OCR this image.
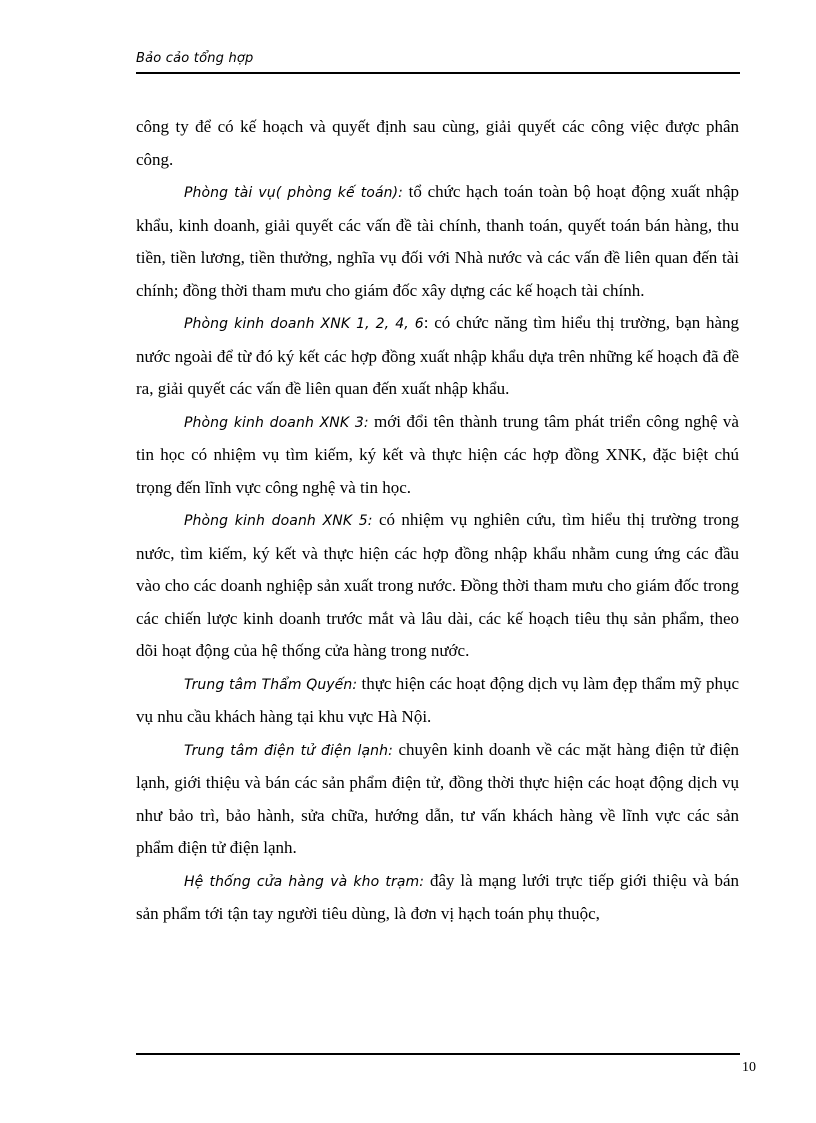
Bảo cảo tổng hợp

công ty để có kế hoạch và quyết định sau cùng, giải quyết các công việc được phân công.

Phòng tài vụ( phòng kế toán): tổ chức hạch toán toàn bộ hoạt động xuất nhập khẩu, kinh doanh, giải quyết các vấn đề tài chính, thanh toán, quyết toán bán hàng, thu tiền, tiền lương, tiền thưởng, nghĩa vụ đối với Nhà nước và các vấn đề liên quan đến tài chính; đồng thời tham mưu cho giám đốc xây dựng các kế hoạch tài chính.

Phòng kinh doanh XNK 1, 2, 4, 6: có chức năng tìm hiểu thị trường, bạn hàng nước ngoài để từ đó ký kết các hợp đồng xuất nhập khẩu dựa trên những kế hoạch đã đề ra, giải quyết các vấn đề liên quan đến xuất nhập khẩu.

Phòng kinh doanh XNK 3: mới đổi tên thành trung tâm phát triển công nghệ và tin học có nhiệm vụ tìm kiếm, ký kết và thực hiện các hợp đồng XNK, đặc biệt chú trọng đến lĩnh vực công nghệ và tin học.

Phòng kinh doanh XNK 5: có nhiệm vụ nghiên cứu, tìm hiểu thị trường trong nước, tìm kiếm, ký kết và thực hiện các hợp đồng nhập khẩu nhằm cung ứng các đầu vào cho các doanh nghiệp sản xuất trong nước. Đồng thời tham mưu cho giám đốc trong các chiến lược kinh doanh trước mắt và lâu dài, các kế hoạch tiêu thụ sản phẩm, theo dõi hoạt động của hệ thống cửa hàng trong nước.

Trung tâm Thẩm Quyến: thực hiện các hoạt động dịch vụ làm đẹp thẩm mỹ phục vụ nhu cầu khách hàng tại khu vực Hà Nội.

Trung tâm điện tử điện lạnh: chuyên kinh doanh về các mặt hàng điện tử điện lạnh, giới thiệu và bán các sản phẩm điện tử, đồng thời thực hiện các hoạt động dịch vụ như bảo trì, bảo hành, sửa chữa, hướng dẫn, tư vấn khách hàng về lĩnh vực các sản phẩm điện tử điện lạnh.

Hệ thống cửa hàng và kho trạm: đây là mạng lưới trực tiếp giới thiệu và bán sản phẩm tới tận tay người tiêu dùng, là đơn vị hạch toán phụ thuộc,

10
